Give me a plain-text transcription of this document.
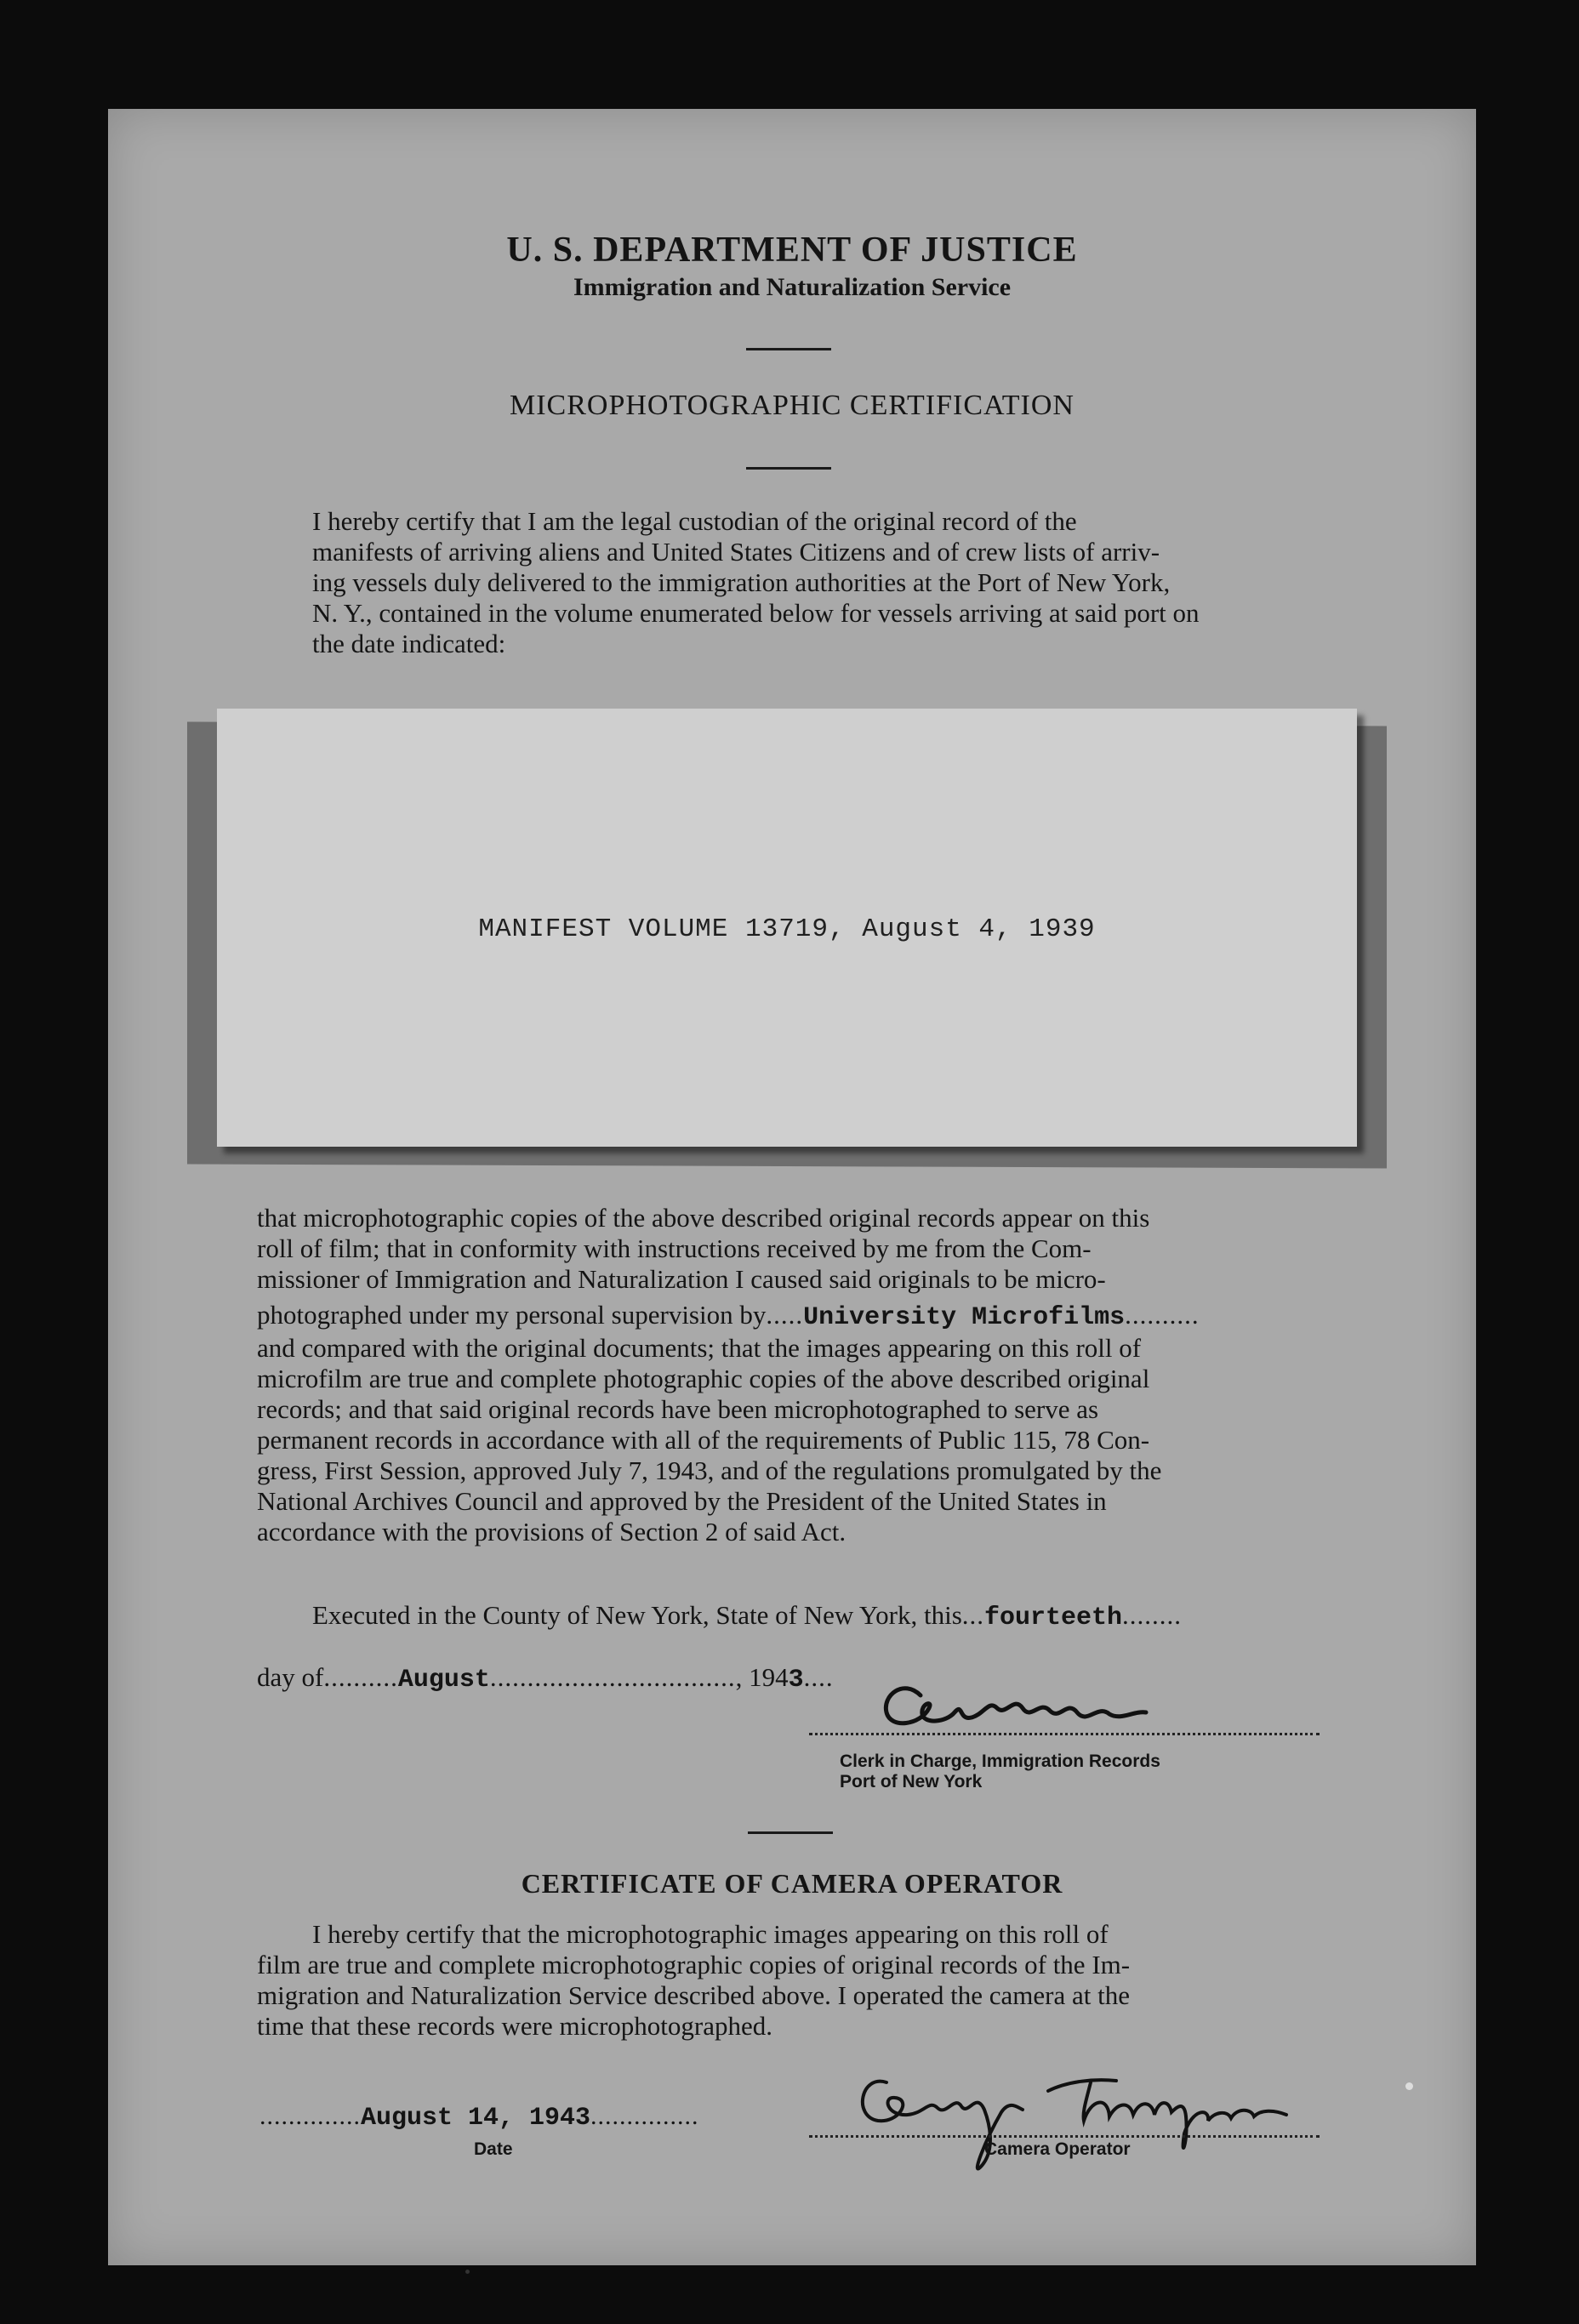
U. S. DEPARTMENT OF JUSTICE
Immigration and Naturalization Service
MICROPHOTOGRAPHIC CERTIFICATION
I hereby certify that I am the legal custodian of the original record of the
manifests of arriving aliens and United States Citizens and of crew lists of arriv-
ing vessels duly delivered to the immigration authorities at the Port of New York,
N. Y., contained in the volume enumerated below for vessels arriving at said port on
the date indicated:
MANIFEST VOLUME 13719, August 4, 1939
that microphotographic copies of the above described original records appear on this
roll of film; that in conformity with instructions received by me from the Com-
missioner of Immigration and Naturalization I caused said originals to be micro-
photographed under my personal supervision by.....University Microfilms..........
and compared with the original documents; that the images appearing on this roll of
microfilm are true and complete photographic copies of the above described original
records; and that said original records have been microphotographed to serve as
permanent records in accordance with all of the requirements of Public 115, 78 Con-
gress, First Session, approved July 7, 1943, and of the regulations promulgated by the
National Archives Council and approved by the President of the United States in
accordance with the provisions of Section 2 of said Act.
Executed in the County of New York, State of New York, this...fourteeth........
day of..........August................................., 1943....
Clerk in Charge, Immigration Records
Port of New York
CERTIFICATE OF CAMERA OPERATOR
I hereby certify that the microphotographic images appearing on this roll of
film are true and complete microphotographic copies of original records of the Im-
migration and Naturalization Service described above. I operated the camera at the
time that these records were microphotographed.
..............August 14, 1943...............
Date	Camera Operator
